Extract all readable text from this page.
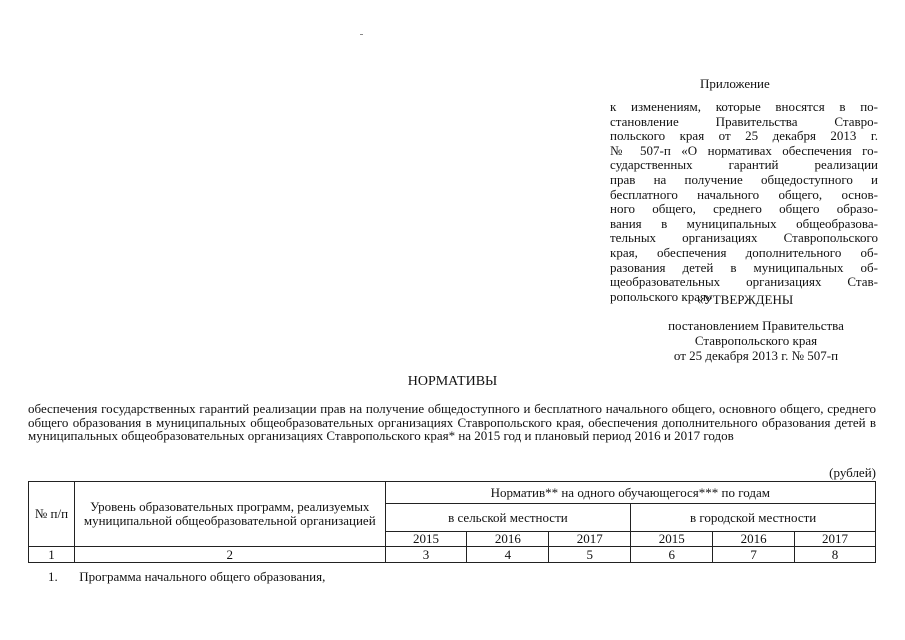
Приложение
к изменениям, которые вносятся в по-
становление Правительства Ставро-
польского края от 25 декабря 2013 г.
№ 507-п «О нормативах обеспечения го-
сударственных гарантий реализации
прав на получение общедоступного и
бесплатного начального общего, основ-
ного общего, среднего общего образо-
вания в муниципальных общеобразова-
тельных организациях Ставропольского
края, обеспечения дополнительного об-
разования детей в муниципальных об-
щеобразовательных организациях Став-
ропольского края»
«УТВЕРЖДЕНЫ
постановлением Правительства
Ставропольского края
от 25 декабря 2013 г. № 507-п
НОРМАТИВЫ
обеспечения государственных гарантий реализации прав на получение общедоступного и бесплатного начального общего, основного общего, среднего общего образования в муниципальных общеобразовательных организациях Ставропольского края, обеспечения дополнительного образования детей в муниципальных общеобразовательных организациях Ставропольского края* на 2015 год и плановый период 2016 и 2017 годов
(рублей)
№ п/п	Уровень образовательных программ, реализуемых муниципальной общеобразовательной организацией	Норматив** на одного обучающегося*** по годам					
		в сельской местности			в городской местности		
		2015	2016	2017	2015	2016	2017
1	2	3	4	5	6	7	8
1. Программа начального общего образования,
